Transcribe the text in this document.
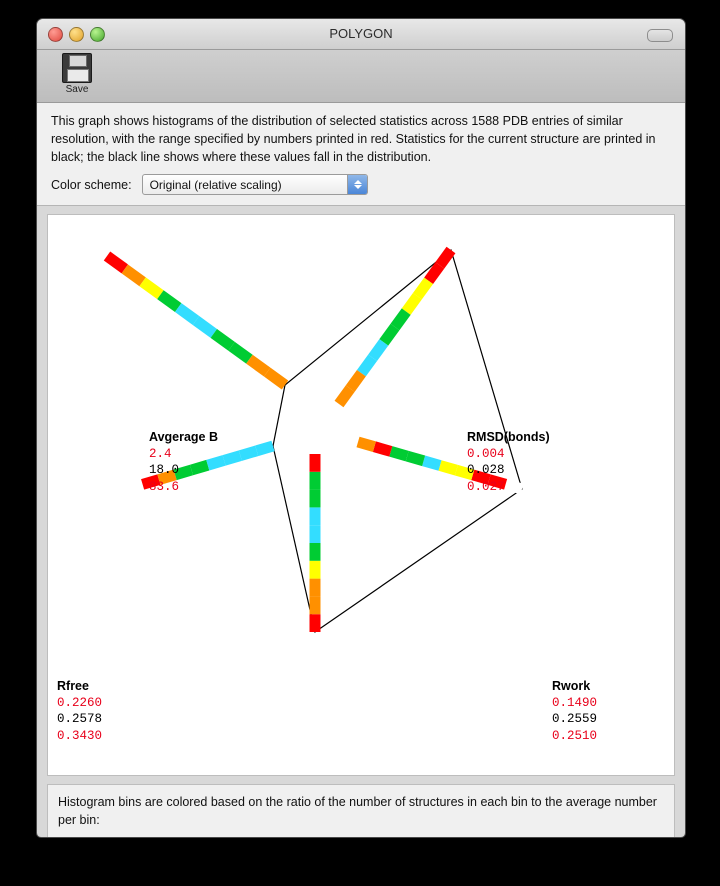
POLYGON
Save
This graph shows histograms of the distribution of selected statistics across 1588 PDB entries of similar resolution, with the range specified by numbers printed in red. Statistics for the current structure are printed in black; the black line shows where these values fall in the distribution.
Color scheme:	Original (relative scaling)
Avgerage B
2.4
18.0
83.6
RMSD(bonds)
0.004
0.028
0.027
Rwork
0.1490
0.2559
0.2510
Rfree
0.2260
0.2578
0.3430
Histogram bins are colored based on the ratio of the number of structures in each bin to the average number per bin:
